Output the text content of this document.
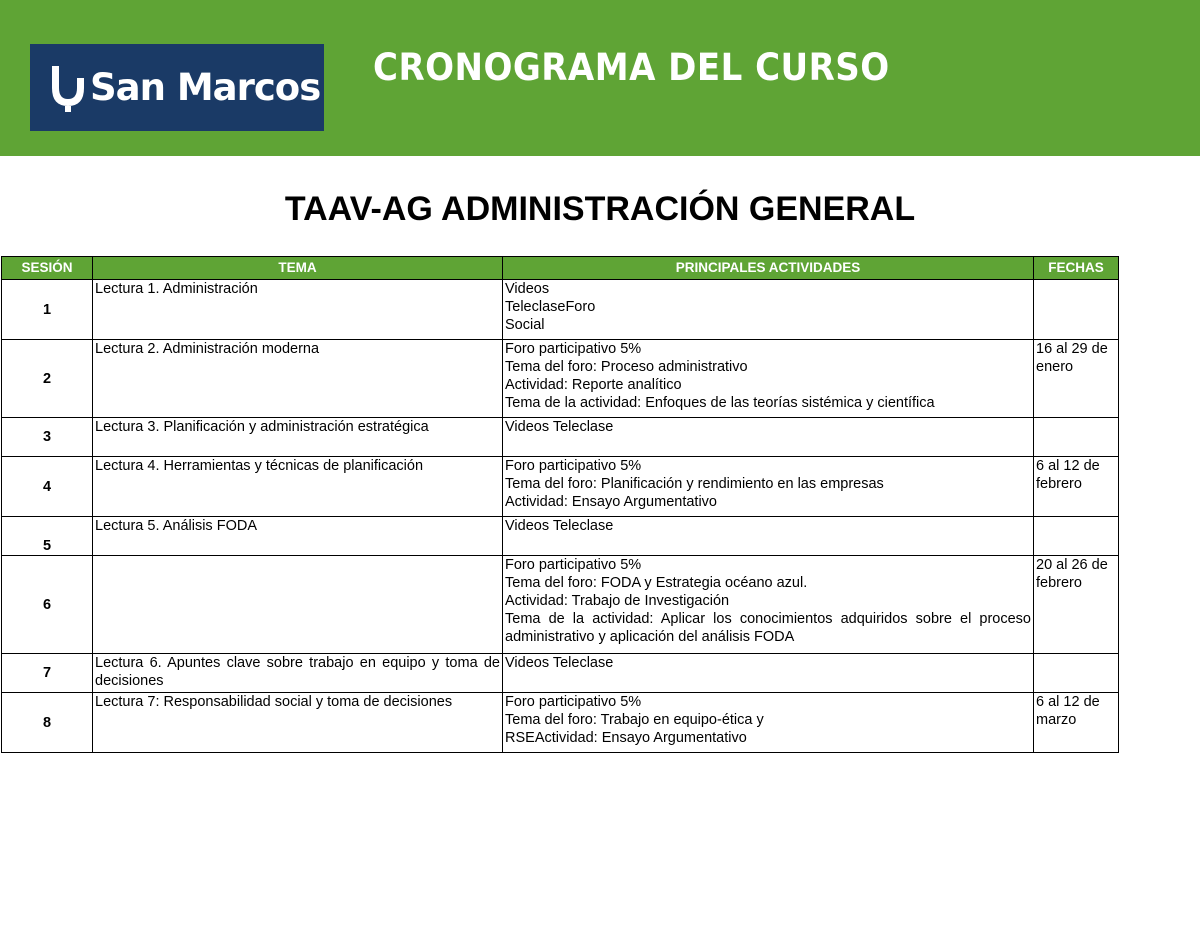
San Marcos CRONOGRAMA DEL CURSO
TAAV-AG ADMINISTRACIÓN GENERAL
SESIÓN	TEMA	PRINCIPALES ACTIVIDADES	FECHAS
1	Lectura 1. Administración	Videos
TeleclaseForo
Social	

2	Lectura 2. Administración moderna	Foro participativo 5%
Tema del foro: Proceso administrativo
Actividad: Reporte analítico
Tema de la actividad: Enfoques de las teorías sistémica y científica	16 al 29 de enero
3	Lectura 3. Planificación y administración estratégica	Videos Teleclase	

4	Lectura 4. Herramientas y técnicas de planificación	Foro participativo 5%
Tema del foro: Planificación y rendimiento en las empresas
Actividad: Ensayo Argumentativo	6 al 12 de febrero
5	Lectura 5. Análisis FODA	Videos Teleclase	

6		Foro participativo 5%
Tema del foro: FODA y Estrategia océano azul.
Actividad: Trabajo de Investigación
Tema de la actividad: Aplicar los conocimientos adquiridos sobre el proceso administrativo y aplicación del análisis FODA	20 al 26 de febrero
7	Lectura 6. Apuntes clave sobre trabajo en equipo y toma de decisiones	Videos Teleclase	

8	Lectura 7: Responsabilidad social y toma de decisiones	Foro participativo 5%
Tema del foro: Trabajo en equipo-ética y
RSEActividad: Ensayo Argumentativo	6 al 12 de marzo
